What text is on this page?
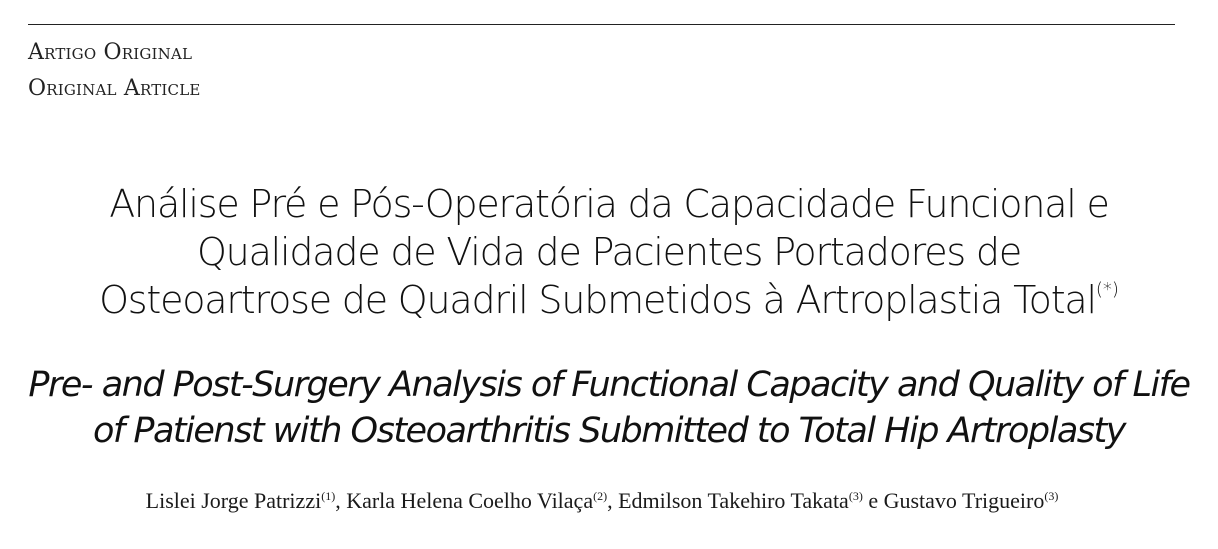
Artigo Original
Original Article
Análise Pré e Pós-Operatória da Capacidade Funcional e
Qualidade de Vida de Pacientes Portadores de
Osteoartrose de Quadril Submetidos à Artroplastia Total(*)
Pre- and Post-Surgery Analysis of Functional Capacity and Quality of Life
of Patienst with Osteoarthritis Submitted to Total Hip Artroplasty
Lislei Jorge Patrizzi$^{(1)}$, Karla Helena Coelho Vilaça$^{(2)}$, Edmilson Takehiro Takata$^{(3)}$ e Gustavo Trigueiro$^{(3)}$
